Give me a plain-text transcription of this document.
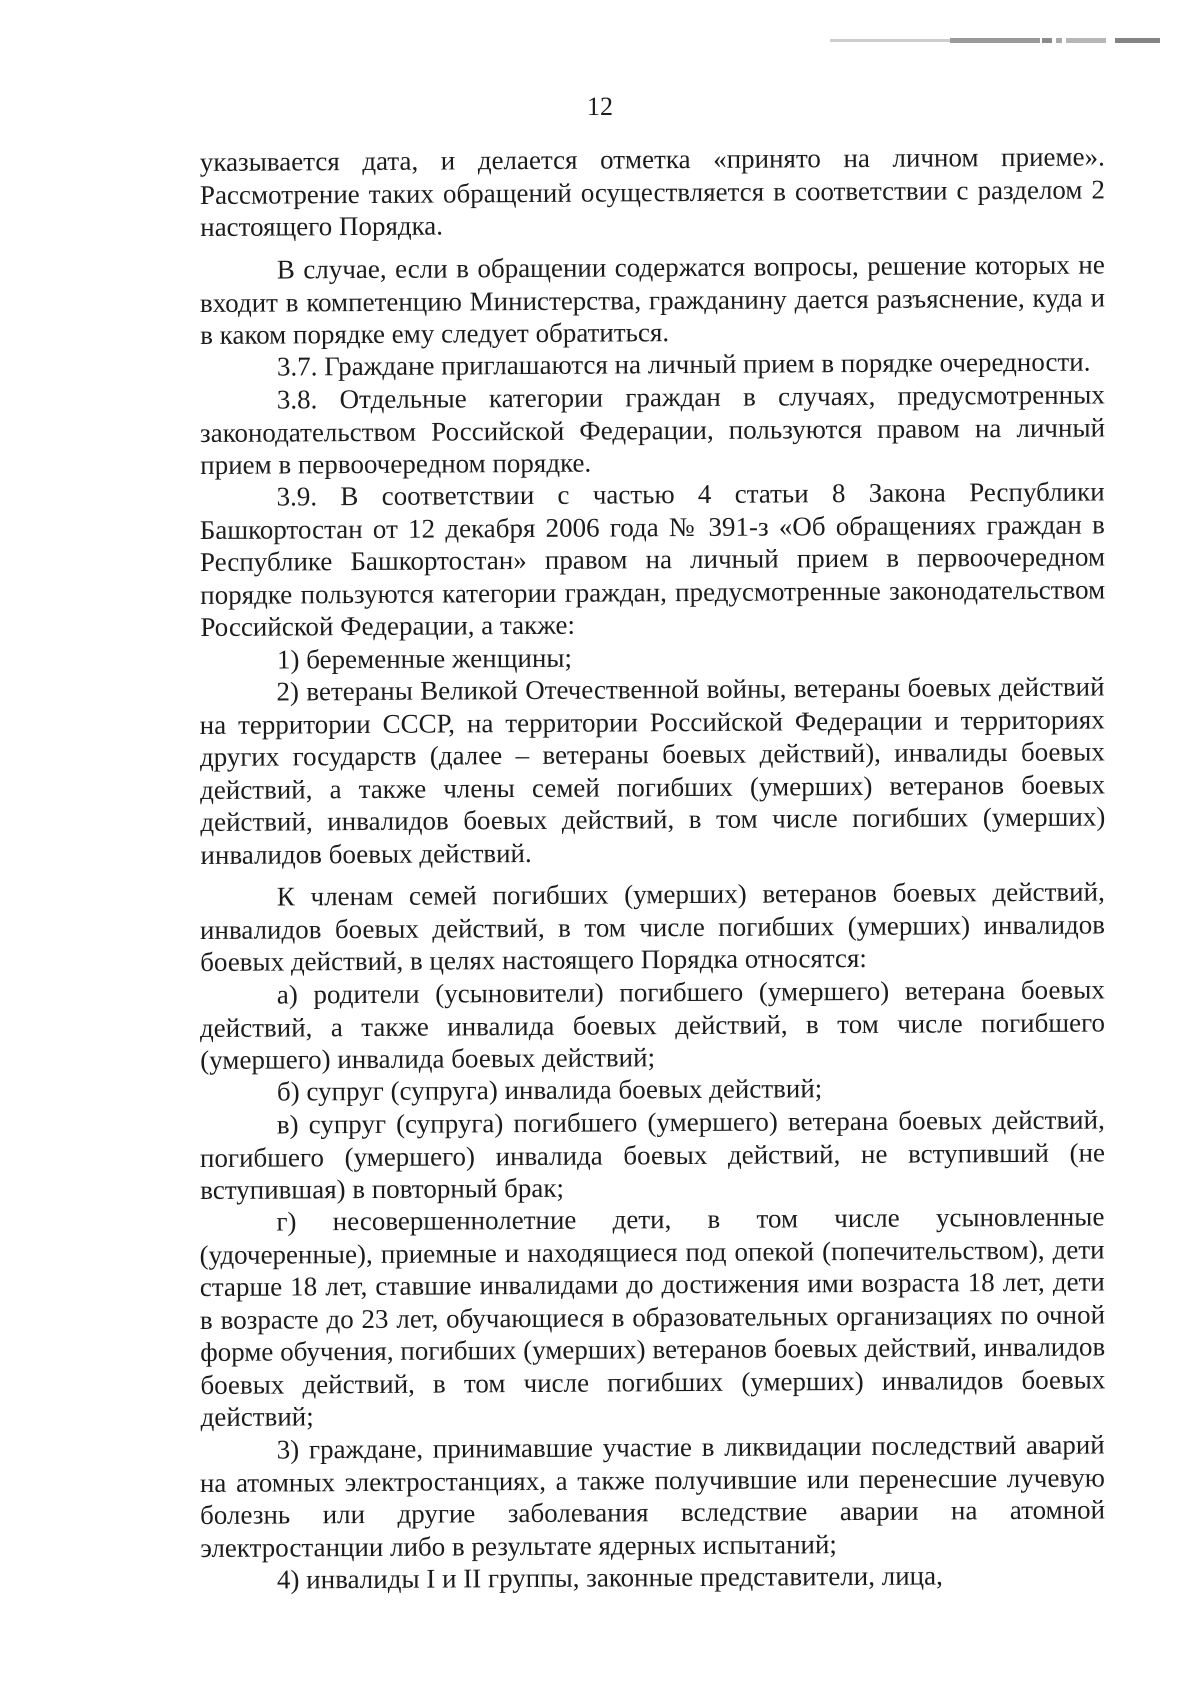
12

указывается дата, и делается отметка «принято на личном приеме». Рассмотрение таких обращений осуществляется в соответствии с разделом 2 настоящего Порядка.

В случае, если в обращении содержатся вопросы, решение которых не входит в компетенцию Министерства, гражданину дается разъяснение, куда и в каком порядке ему следует обратиться.

3.7. Граждане приглашаются на личный прием в порядке очередности.

3.8. Отдельные категории граждан в случаях, предусмотренных законодательством Российской Федерации, пользуются правом на личный прием в первоочередном порядке.

3.9. В соответствии с частью 4 статьи 8 Закона Республики Башкортостан от 12 декабря 2006 года № 391-з «Об обращениях граждан в Республике Башкортостан» правом на личный прием в первоочередном порядке пользуются категории граждан, предусмотренные законодательством Российской Федерации, а также:

1) беременные женщины;

2) ветераны Великой Отечественной войны, ветераны боевых действий на территории СССР, на территории Российской Федерации и территориях других государств (далее – ветераны боевых действий), инвалиды боевых действий, а также члены семей погибших (умерших) ветеранов боевых действий, инвалидов боевых действий, в том числе погибших (умерших) инвалидов боевых действий.

К членам семей погибших (умерших) ветеранов боевых действий, инвалидов боевых действий, в том числе погибших (умерших) инвалидов боевых действий, в целях настоящего Порядка относятся:

а) родители (усыновители) погибшего (умершего) ветерана боевых действий, а также инвалида боевых действий, в том числе погибшего (умершего) инвалида боевых действий;

б) супруг (супруга) инвалида боевых действий;

в) супруг (супруга) погибшего (умершего) ветерана боевых действий, погибшего (умершего) инвалида боевых действий, не вступивший (не вступившая) в повторный брак;

г) несовершеннолетние дети, в том числе усыновленные (удочеренные), приемные и находящиеся под опекой (попечительством), дети старше 18 лет, ставшие инвалидами до достижения ими возраста 18 лет, дети в возрасте до 23 лет, обучающиеся в образовательных организациях по очной форме обучения, погибших (умерших) ветеранов боевых действий, инвалидов боевых действий, в том числе погибших (умерших) инвалидов боевых действий;

3) граждане, принимавшие участие в ликвидации последствий аварий на атомных электростанциях, а также получившие или перенесшие лучевую болезнь или другие заболевания вследствие аварии на атомной электростанции либо в результате ядерных испытаний;

4) инвалиды I и II группы, законные представители, лица,
